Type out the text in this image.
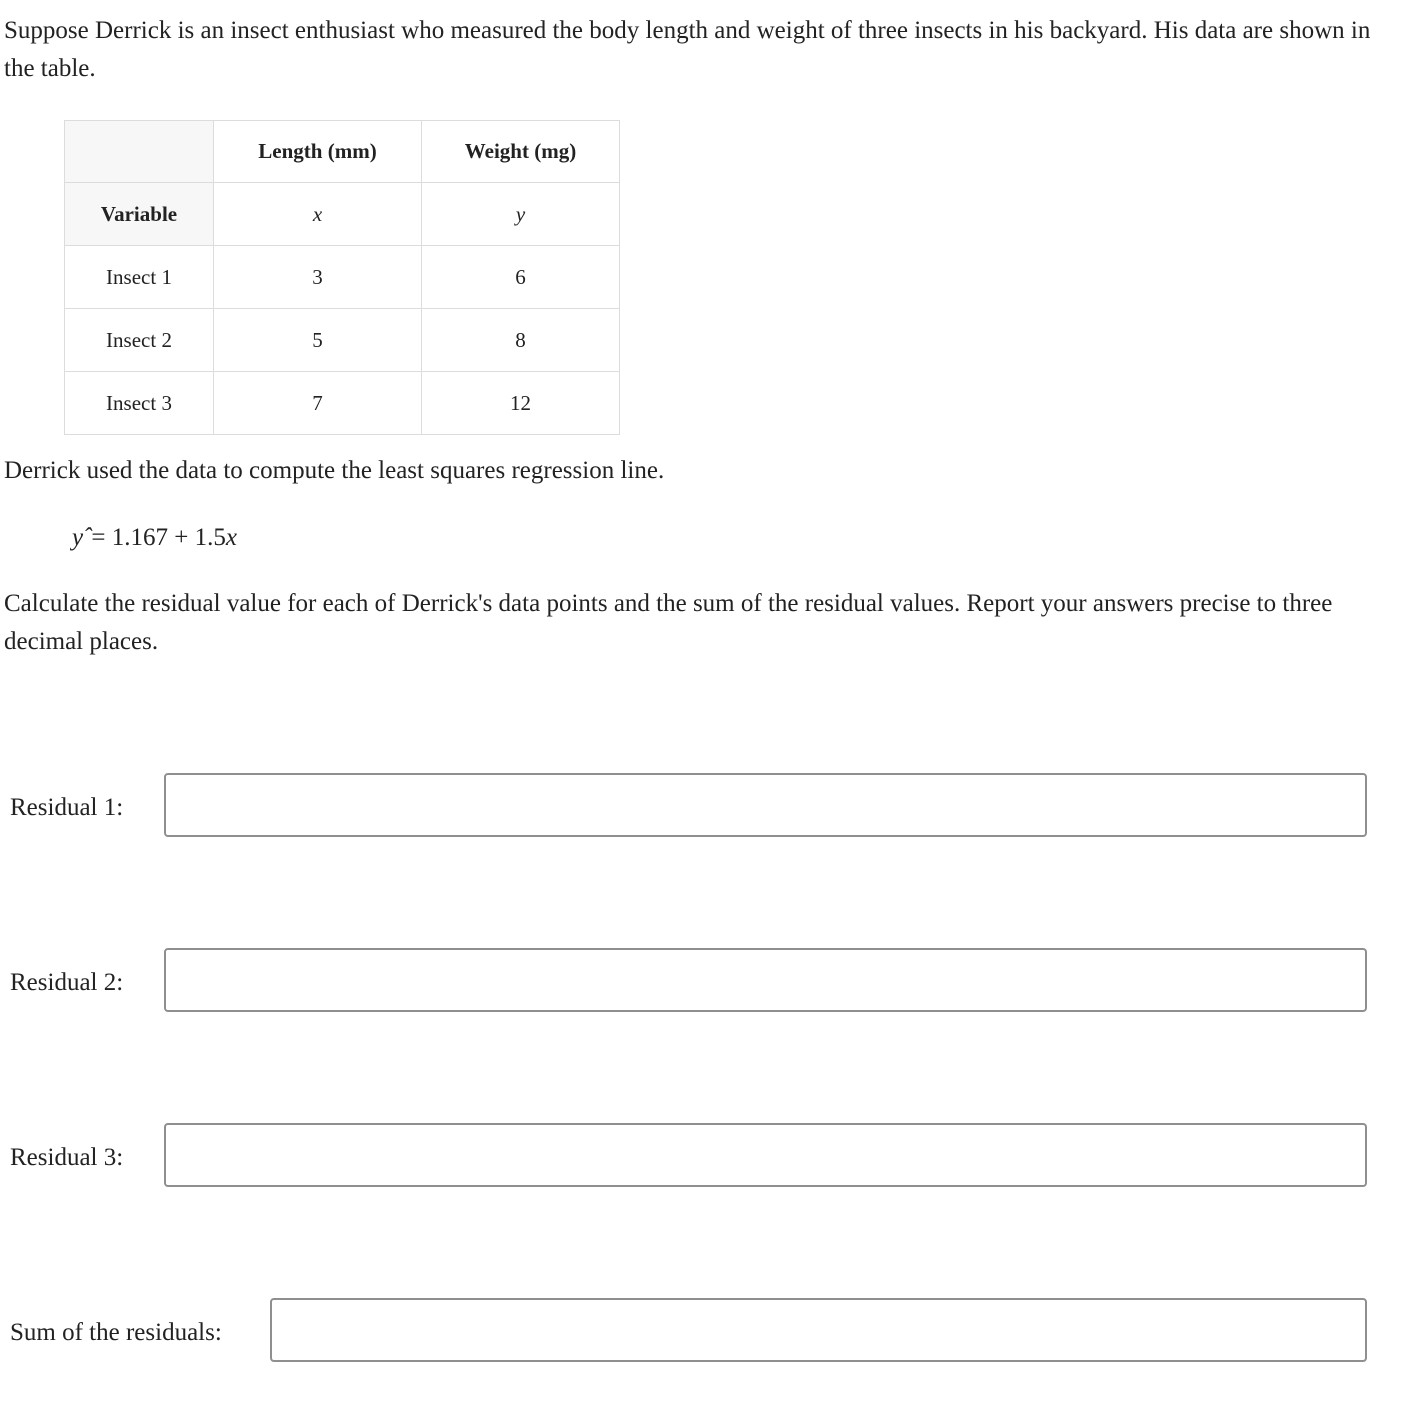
Suppose Derrick is an insect enthusiast who measured the body length and weight of three insects in his backyard. His data are shown in the table.

	Length (mm)	Weight (mg)
Variable	x	y
Insect 1	3	6
Insect 2	5	8
Insect 3	7	12

Derrick used the data to compute the least squares regression line.

yˆ= 1.167 + 1.5x

Calculate the residual value for each of Derrick's data points and the sum of the residual values. Report your answers precise to three decimal places.

Residual 1:
Residual 2:
Residual 3:
Sum of the residuals:
